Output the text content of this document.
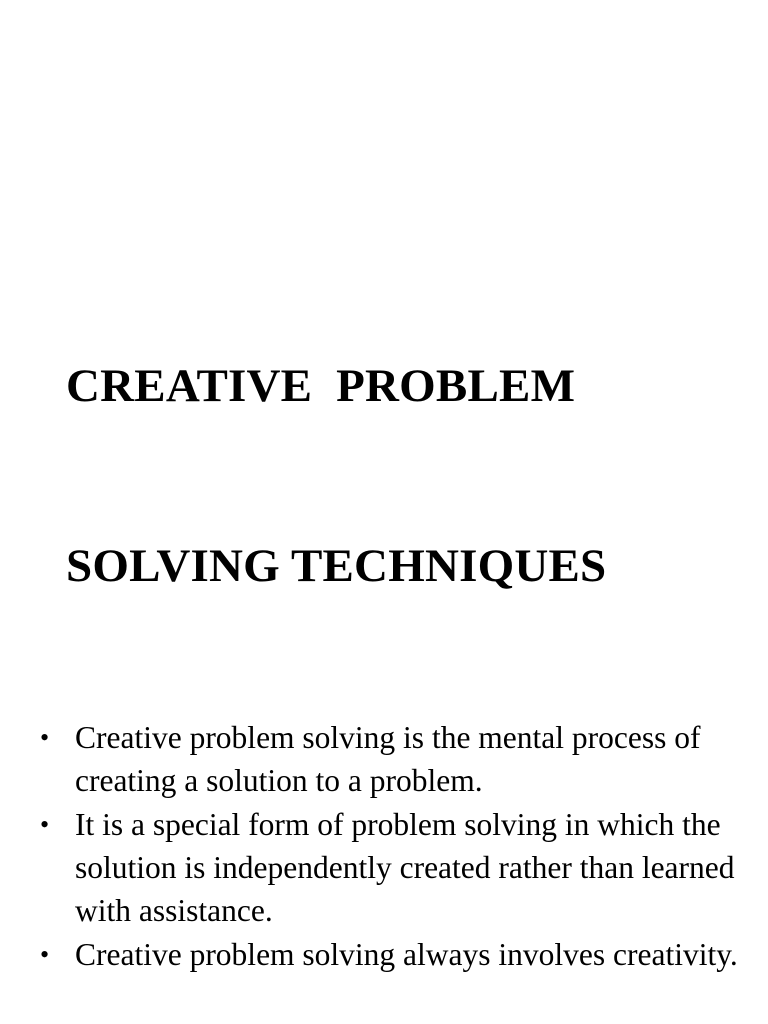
CREATIVE  PROBLEM

SOLVING TECHNIQUES

• Creative problem solving is the mental process of creating a solution to a problem.
• It is a special form of problem solving in which the solution is independently created rather than learned with assistance.
• Creative problem solving always involves creativity.
